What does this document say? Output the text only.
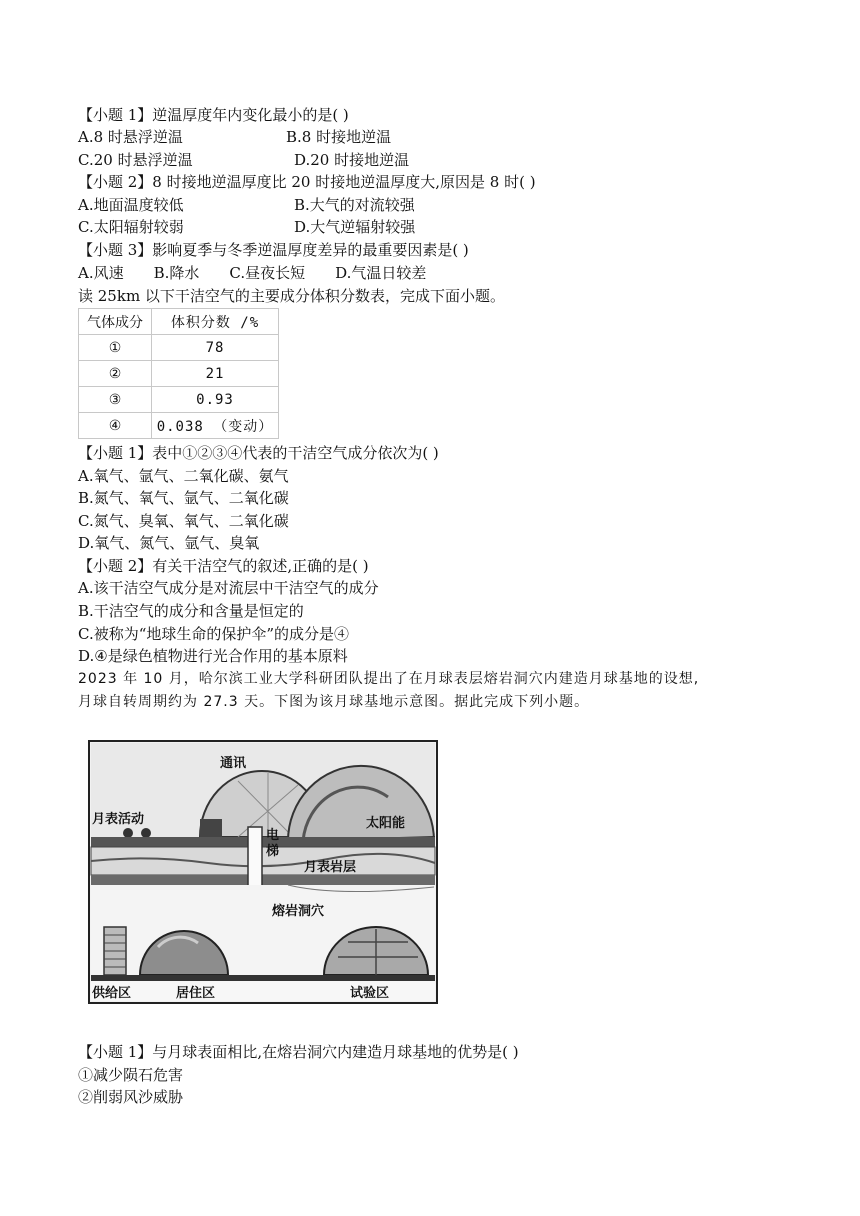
【小题 1】逆温厚度年内变化最小的是( )
A.8 时悬浮逆温	B.8 时接地逆温
C.20 时悬浮逆温	D.20 时接地逆温
【小题 2】8 时接地逆温厚度比 20 时接地逆温厚度大,原因是 8 时( )
A.地面温度较低	B.大气的对流较强
C.太阳辐射较弱	D.大气逆辐射较强
【小题 3】影响夏季与冬季逆温厚度差异的最重要因素是( )
A.风速　　B.降水　　C.昼夜长短　　D.气温日较差
读 25km 以下干洁空气的主要成分体积分数表，完成下面小题。
气体成分	体积分数 /%
①	78
②	21
③	0.93
④	0.038 （变动）
【小题 1】表中①②③④代表的干洁空气成分依次为( )
A.氧气、氩气、二氧化碳、氨气
B.氮气、氧气、氩气、二氧化碳
C.氮气、臭氧、氧气、二氧化碳
D.氧气、氮气、氩气、臭氧
【小题 2】有关干洁空气的叙述,正确的是( )
A.该干洁空气成分是对流层中干洁空气的成分
B.干洁空气的成分和含量是恒定的
C.被称为“地球生命的保护伞”的成分是④
D.④是绿色植物进行光合作用的基本原料
2023 年 10 月，哈尔滨工业大学科研团队提出了在月球表层熔岩洞穴内建造月球基地的设想,
月球自转周期约为 27.3 天。下图为该月球基地示意图。据此完成下列小题。
通讯
月表活动	太阳能
电
梯
月表岩层
熔岩洞穴
供给区	居住区	试验区
【小题 1】与月球表面相比,在熔岩洞穴内建造月球基地的优势是( )
①减少陨石危害
②削弱风沙威胁
